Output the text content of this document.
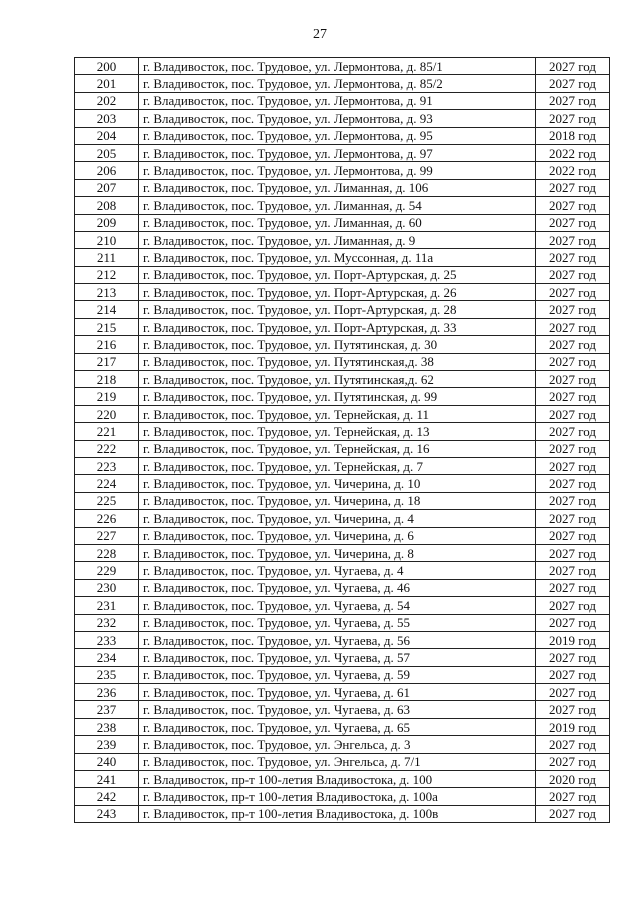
27
200	г. Владивосток, пос. Трудовое, ул. Лермонтова, д. 85/1	2027 год
201	г. Владивосток, пос. Трудовое, ул. Лермонтова, д. 85/2	2027 год
202	г. Владивосток, пос. Трудовое, ул. Лермонтова, д. 91	2027 год
203	г. Владивосток, пос. Трудовое, ул. Лермонтова, д. 93	2027 год
204	г. Владивосток, пос. Трудовое, ул. Лермонтова, д. 95	2018 год
205	г. Владивосток, пос. Трудовое, ул. Лермонтова, д. 97	2022 год
206	г. Владивосток, пос. Трудовое, ул. Лермонтова, д. 99	2022 год
207	г. Владивосток, пос. Трудовое, ул. Лиманная, д. 106	2027 год
208	г. Владивосток, пос. Трудовое, ул. Лиманная, д. 54	2027 год
209	г. Владивосток, пос. Трудовое, ул. Лиманная, д. 60	2027 год
210	г. Владивосток, пос. Трудовое, ул. Лиманная, д. 9	2027 год
211	г. Владивосток, пос. Трудовое, ул. Муссонная, д. 11а	2027 год
212	г. Владивосток, пос. Трудовое, ул. Порт-Артурская, д. 25	2027 год
213	г. Владивосток, пос. Трудовое, ул. Порт-Артурская, д. 26	2027 год
214	г. Владивосток, пос. Трудовое, ул. Порт-Артурская, д. 28	2027 год
215	г. Владивосток, пос. Трудовое, ул. Порт-Артурская, д. 33	2027 год
216	г. Владивосток, пос. Трудовое, ул. Путятинская, д. 30	2027 год
217	г. Владивосток, пос. Трудовое, ул. Путятинская,д. 38	2027 год
218	г. Владивосток, пос. Трудовое, ул. Путятинская,д. 62	2027 год
219	г. Владивосток, пос. Трудовое, ул. Путятинская, д. 99	2027 год
220	г. Владивосток, пос. Трудовое, ул. Тернейская, д. 11	2027 год
221	г. Владивосток, пос. Трудовое, ул. Тернейская, д. 13	2027 год
222	г. Владивосток, пос. Трудовое, ул. Тернейская, д. 16	2027 год
223	г. Владивосток, пос. Трудовое, ул. Тернейская, д. 7	2027 год
224	г. Владивосток, пос. Трудовое, ул. Чичерина, д. 10	2027 год
225	г. Владивосток, пос. Трудовое, ул. Чичерина, д. 18	2027 год
226	г. Владивосток, пос. Трудовое, ул. Чичерина, д. 4	2027 год
227	г. Владивосток, пос. Трудовое, ул. Чичерина, д. 6	2027 год
228	г. Владивосток, пос. Трудовое, ул. Чичерина, д. 8	2027 год
229	г. Владивосток, пос. Трудовое, ул. Чугаева, д. 4	2027 год
230	г. Владивосток, пос. Трудовое, ул. Чугаева, д. 46	2027 год
231	г. Владивосток, пос. Трудовое, ул. Чугаева, д. 54	2027 год
232	г. Владивосток, пос. Трудовое, ул. Чугаева, д. 55	2027 год
233	г. Владивосток, пос. Трудовое, ул. Чугаева, д. 56	2019 год
234	г. Владивосток, пос. Трудовое, ул. Чугаева, д. 57	2027 год
235	г. Владивосток, пос. Трудовое, ул. Чугаева, д. 59	2027 год
236	г. Владивосток, пос. Трудовое, ул. Чугаева, д. 61	2027 год
237	г. Владивосток, пос. Трудовое, ул. Чугаева, д. 63	2027 год
238	г. Владивосток, пос. Трудовое, ул. Чугаева, д. 65	2019 год
239	г. Владивосток, пос. Трудовое, ул. Энгельса, д. 3	2027 год
240	г. Владивосток, пос. Трудовое, ул. Энгельса, д. 7/1	2027 год
241	г. Владивосток, пр-т 100-летия Владивостока, д. 100	2020 год
242	г. Владивосток, пр-т 100-летия Владивостока, д. 100а	2027 год
243	г. Владивосток, пр-т 100-летия Владивостока, д. 100в	2027 год
